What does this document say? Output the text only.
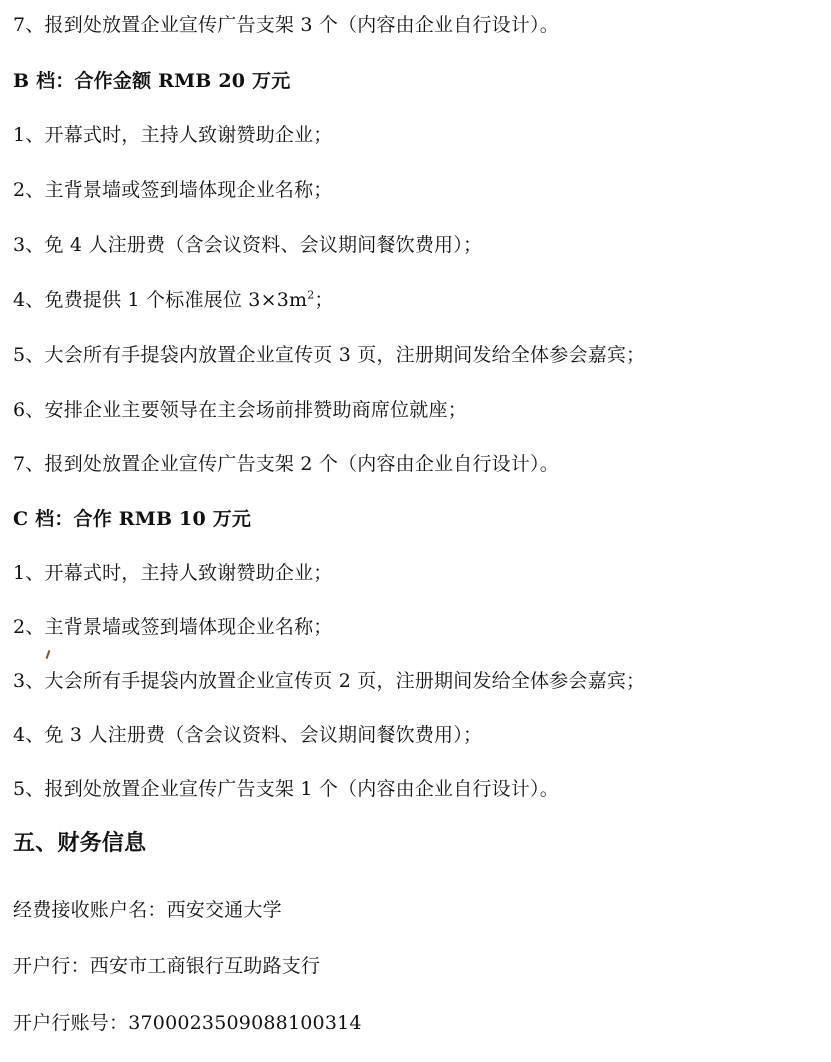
7、报到处放置企业宣传广告支架 3 个（内容由企业自行设计）。
B 档：合作金额 RMB 20 万元
1、开幕式时，主持人致谢赞助企业；
2、主背景墙或签到墙体现企业名称；
3、免 4 人注册费（含会议资料、会议期间餐饮费用）；
4、免费提供 1 个标准展位 $3\times 3m^2$；
5、大会所有手提袋内放置企业宣传页 3 页，注册期间发给全体参会嘉宾；
6、安排企业主要领导在主会场前排赞助商席位就座；
7、报到处放置企业宣传广告支架 2 个（内容由企业自行设计）。
C 档：合作 RMB 10 万元
1、开幕式时，主持人致谢赞助企业；
2、主背景墙或签到墙体现企业名称；
3、大会所有手提袋内放置企业宣传页 2 页，注册期间发给全体参会嘉宾；
4、免 3 人注册费（含会议资料、会议期间餐饮费用）；
5、报到处放置企业宣传广告支架 1 个（内容由企业自行设计）。
五、财务信息
经费接收账户名：西安交通大学
开户行：西安市工商银行互助路支行
开户行账号：3700023509088100314
